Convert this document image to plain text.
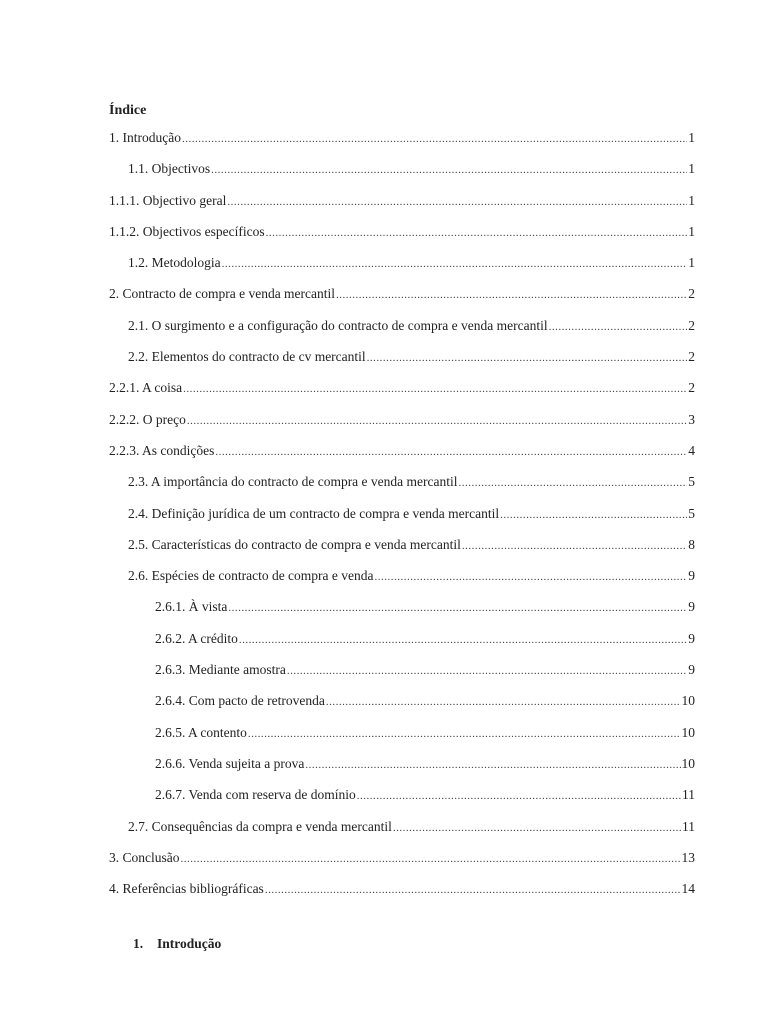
Índice
1. Introdução .....	1
1.1. Objectivos .....	1
1.1.1. Objectivo geral .....	1
1.1.2. Objectivos específicos .....	1
1.2. Metodologia .....	1
2. Contracto de compra e venda mercantil .....	2
2.1. O surgimento e a configuração do contracto de compra e venda mercantil .....	2
2.2. Elementos do contracto de cv mercantil .....	2
2.2.1. A coisa .....	2
2.2.2. O preço .....	3
2.2.3. As condições .....	4
2.3. A importância do contracto de compra e venda mercantil .....	5
2.4. Definição jurídica de um contracto de compra e venda mercantil .....	5
2.5. Características do contracto de compra e venda mercantil .....	8
2.6. Espécies de contracto de compra e venda .....	9
2.6.1. À vista .....	9
2.6.2. A crédito .....	9
2.6.3. Mediante amostra .....	9
2.6.4. Com pacto de retrovenda .....	10
2.6.5. A contento .....	10
2.6.6. Venda sujeita a prova .....	10
2.6.7. Venda com reserva de domínio .....	11
2.7. Consequências da compra e venda mercantil .....	11
3. Conclusão .....	13
4. Referências bibliográficas .....	14
1. Introdução
